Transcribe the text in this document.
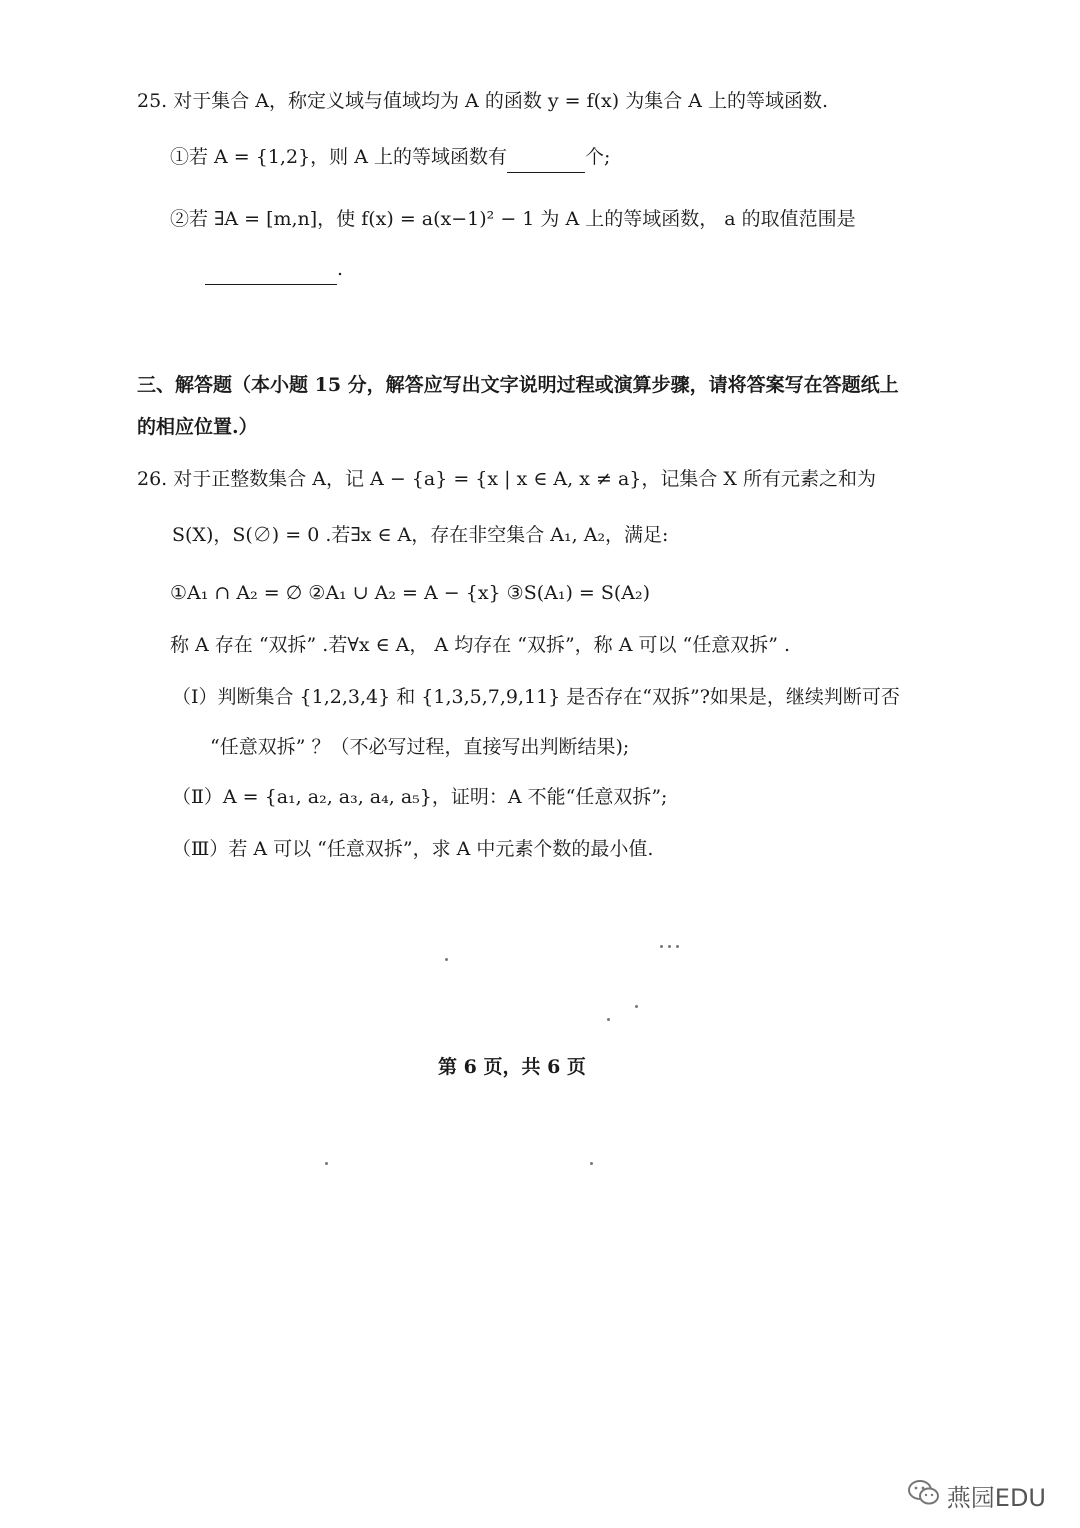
25. 对于集合 A，称定义域与值域均为 A 的函数 y = f(x) 为集合 A 上的等域函数.
①若 A = {1,2}，则 A 上的等域函数有	个;
②若 ∃A = [m,n]，使 f(x) = a(x−1)² − 1 为 A 上的等域函数， a 的取值范围是
.
三、解答题（本小题 15 分，解答应写出文字说明过程或演算步骤，请将答案写在答题纸上
的相应位置.）
26. 对于正整数集合 A，记 A − {a} = {x | x ∈ A, x ≠ a}，记集合 X 所有元素之和为
S(X)，S(∅) = 0 .若∃x ∈ A，存在非空集合 A₁, A₂，满足:
①A₁ ∩ A₂ = ∅ ②A₁ ∪ A₂ = A − {x} ③S(A₁) = S(A₂)
称 A 存在 “双拆” .若∀x ∈ A， A 均存在 “双拆”，称 A 可以 “任意双拆” .
（Ⅰ）判断集合 {1,2,3,4} 和 {1,3,5,7,9,11} 是否存在“双拆”?如果是，继续判断可否
“任意双拆” ？（不必写过程，直接写出判断结果);
（Ⅱ）A = {a₁, a₂, a₃, a₄, a₅}，证明：A 不能“任意双拆”;
（Ⅲ）若 A 可以 “任意双拆”，求 A 中元素个数的最小值.
第 6 页，共 6 页
燕园EDU
